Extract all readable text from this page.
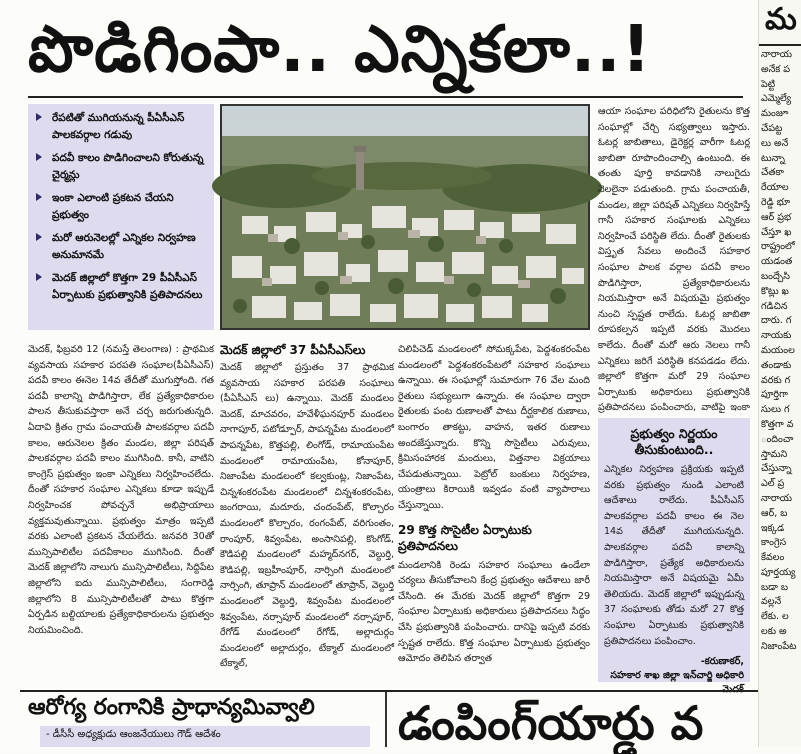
పొడిగింపా.. ఎన్నికలా..!
రేపటితో ముగియనున్న పీఏసీఎస్ పాలకవర్గాల గడువు
పదవీ కాలం పొడిగించాలని కోరుతున్న చైర్మన్లు
ఇంకా ఎలాంటి ప్రకటన చేయని ప్రభుత్వం
మరో ఆరునెలల్లో ఎన్నికల నిర్వహణ అనుమానమే
మెదక్ జిల్లాలో కొత్తగా 29 పీఏసీఎస్ ఏర్పాటుకు ప్రభుత్వానికి ప్రతిపాదనలు
మెదక్, ఫిబ్రవరి 12 (నమస్తే తెలంగాణ) : ప్రాథమిక వ్యవసాయ సహకార పరపతి సంఘాల(పీఏసీఎస్) పదవీ కాలం ఈనెల 14వ తేదీతో ముగుస్తోంది. గత పదవీ కాలాన్ని పొడిగిస్తారా, లేక ప్రత్యేకాధికారుల పాలన తీసుకువస్తారా అనే చర్చ జరుగుతున్నది. ఏదావి క్రితం గ్రామ పంచాయతీ పాలకవర్గాల పదవీ కాలం, ఆరునెలల క్రితం మండల, జిల్లా పరిషత్ పాలకవర్గాల పదవీ కాలం ముగిసింది. కానీ, వాటిని కాంగ్రెస్ ప్రభుత్వం ఇంకా ఎన్నికలు నిర్వహించలేదు. దీంతో సహకార సంఘాల ఎన్నికలు కూడా ఇప్పుడే నిర్వహించక పోవచ్చనే అభిప్రాయాలు వ్యక్తమవుతున్నాయి. ప్రభుత్వం మాత్రం ఇప్పటి వరకు ఎలాంటి ప్రకటన చేయలేదు. జనవరి 30తో మున్సిపాలిటీల పదవీకాలం ముగిసింది. దీంతో మెదక్ జిల్లాలోని నాలుగు మున్సిపాలిటీలు, సిద్దిపేట జిల్లాలోని ఐదు మున్సిపాలిటీలు, సంగారెడ్డి జిల్లాలోని 8 మున్సిపాలిటీలతో పాటు కొత్తగా ఏర్పడిన బల్దియాలకు ప్రత్యేకాధికారులను ప్రభుత్వం నియమించింది.
మెదక్ జిల్లాలో 37 పీఏసీఎస్‌లు
మెదక్ జిల్లాలో ప్రస్తుతం 37 ప్రాథమిక వ్యవసాయ సహకార పరపతి సంఘాలు (పీఏసీఎస్ లు) ఉన్నాయి. మెదక్ మండలం మెదక్, మాచవరం, హవేళీఘనపూర్ మండలం నాగాపూర్, పటోడ్పూర్, పాపన్నపేట మండలంలో పాపన్నపేట, కొత్తపల్లి, లింగోడ్, రామాయంపేట మండలంలో రామాయంపేట, కోనాపూర్, నిజాంపేట మండలంలో కల్వకుంట్ల, నిజాంపేట, చిన్నశంకరంపేట మండలంలో చిన్నశంకరంపేట, జంగరాయి, మదూరు, చందంపేట్, కొల్చారం మండలంలో కొల్చారం, రంగంపేట్, వరిగుంతం, రాంపూర్, శివ్వంపేట, అంసానిపల్లి, కొంగోడ్, కౌడిపల్లి మండలంలో మహ్మద్‌నగర్, వెల్దుర్తి, కౌడిపల్లి, ఇబ్రహీంపూర్, నార్సింగి మండలంలో నార్సింగి, తూప్రాన్ మండలంలో తూప్రాన్, వెల్దుర్తి మండలంలో వెల్దుర్తి, శివ్వంపేట మండలంలో శివ్వంపేట, నర్సాపూర్ మండలంలో నర్సాపూర్, రేగోడ్ మండలంలో రేగోడ్, అల్లాదుర్గం మండలంలో అల్లాదుర్గం, టేక్మాల్ మండలంలో టేక్మాల్,
చిలిపిచెడ్ మండలంలో సోమక్కపేట, పెద్దశంకరంపేట మండలంలో పెద్దశంకరంపేటలో సహకార సంఘాలు ఉన్నాయి. ఈ సంఘాల్లో సుమారుగా 76 వేల మంది రైతులు సభ్యులుగా ఉన్నారు. ఈ సంఘాల ద్వారా రైతులకు పంట రుణాలతో పాటు దీర్ఘకాలిక రుణాలు, బంగారం తాకట్టు, వాహన, ఇతర రుణాలు అందజేస్తున్నారు. కొన్ని సొసైటీలు ఎరువులు, క్రిమిసంహారక మందులు, విత్తనాల విక్రయాలు చేపడుతున్నాయి. పెట్రోల్ బంకులు నిర్వహణ, యంత్రాలు కిరాయికి ఇవ్వడం వంటి వ్యాపారాలు చేస్తున్నాయి.
29 కొత్త సొసైటీల ఏర్పాటుకు ప్రతిపాదనలు
మండలానికి రెండు సహకార సంఘాలు ఉండేలా చర్యలు తీసుకోవాలని కేంద్ర ప్రభుత్వం ఆదేశాలు జారీ చేసింది. ఈ మేరకు మెదక్ జిల్లాలో కొత్తగా 29 సంఘాల ఏర్పాటుకు అధికారులు ప్రతిపాదనలు సిద్ధం చేసి ప్రభుత్వానికి పంపించారు. దానిపై ఇప్పటి వరకు స్పష్టత రాలేదు. కొత్త సంఘాల ఏర్పాటుకు ప్రభుత్వం ఆమోదం తెలిపిన తర్వాత
ఆయా సంఘాల పరిధిలోని రైతులను కొత్త సంఘాల్లో చేర్చి సభ్యత్వాలు ఇస్తారు. ఓటర్ల జాబితాలు, డైరెక్టర్ల వారీగా ఓటర్ల జాబితా రూపొందించాల్సి ఉంటుంది. ఈ తంతు పూర్తి కావడానికి నాలుగైదు నెలలైనా పడుతుంది. గ్రామ పంచాయతీ, మండల, జిల్లా పరిషత్ ఎన్నికలు నిర్వహిస్తే గానీ సహకార సంఘాలకు ఎన్నికలు నిర్వహించే పరిస్థితి లేదు. దీంతో రైతులకు విస్తృత సేవలు అందించే సహకార సంఘాల పాలక వర్గాల పదవీ కాలం పొడిగిస్తారా, ప్రత్యేకాధికారులను నియమిస్తారా అనే విషయమై ప్రభుత్వం నుంచి స్పష్టత రాలేదు. ఓటర్ల జాబితా రూపకల్పన ఇప్పటి వరకు మొదలు కాలేదు. దీంతో మరో ఆరు నెలలు గానీ ఎన్నికలు జరిగే పరిస్థితి కనపడడం లేదు. జిల్లాలో కొత్తగా మరో 29 సంఘాల ఏర్పాటుకు అధికారులు ప్రభుత్వానికి ప్రతిపాదనలు పంపించారు, వాటిపై ఇంకా
ప్రభుత్వం నిర్ణయం తీసుకుంటుంది..
ఎన్నికల నిర్వహణ ప్రక్రియకు ఇప్పటి వరకు ప్రభుత్వం నుండి ఎలాంటి ఆదేశాలు రాలేదు. పీఏసీఎస్ పాలకవర్గాల పదవీ కాలం ఈ నెల 14వ తేదీతో ముగియనున్నది. పాలకవర్గాల పదవీ కాలాన్ని పొడిగిస్తారా, ప్రత్యేక అధికారులను నియమిస్తారా అనే విషయమై ఏమీ తెలియదు. మెదక్ జిల్లాలో ఇప్పుడున్న 37 సంఘాలకు తోడు మరో 27 కొత్త సంఘాల ఏర్పాటుకు ప్రభుత్వానికి ప్రతిపాదనలు పంపించాం.
-కరుణాకర్,
సహకార శాఖ జిల్లా ఇన్‌చార్జి అధికారి
ఆరోగ్య రంగానికి ప్రాధాన్యమివ్వాలి
- డీసీసీ అధ్యక్షుడు ఆంజనేయులు గౌడ్ ఆదేశం	డంపింగ్‌యార్డు వ
మ
నారాయ
అనేక ప
పెట్టి
ఎమ్మెల్యే
మంజూ
చేపట్ట
లు అనే
టున్నా
చేతకా
రేయాల
రెడ్డి భూ
ఆర్ ప్రభ
చేస్తూ ఖ
రాష్ట్రంలో
యడంత
బంద్చేసి
కొట్లు ఖ
గడిచిన
దారు. గ
నాయకు
మయంల
తండాకు
వరకు గ
పూర్తిగా
సులు గ
కొత్తగా వ
ందించా
స్తామని
చేస్తున్నా
ఎల్ ప్ర
నారాయ
ఆర్, బ
ఇక్కడ
కాంగ్రెస
కేవలం
పూర్తయ్య
బడా బ
వల్లనే
లేకు. ల
లకు అ
నిజాంపేట
